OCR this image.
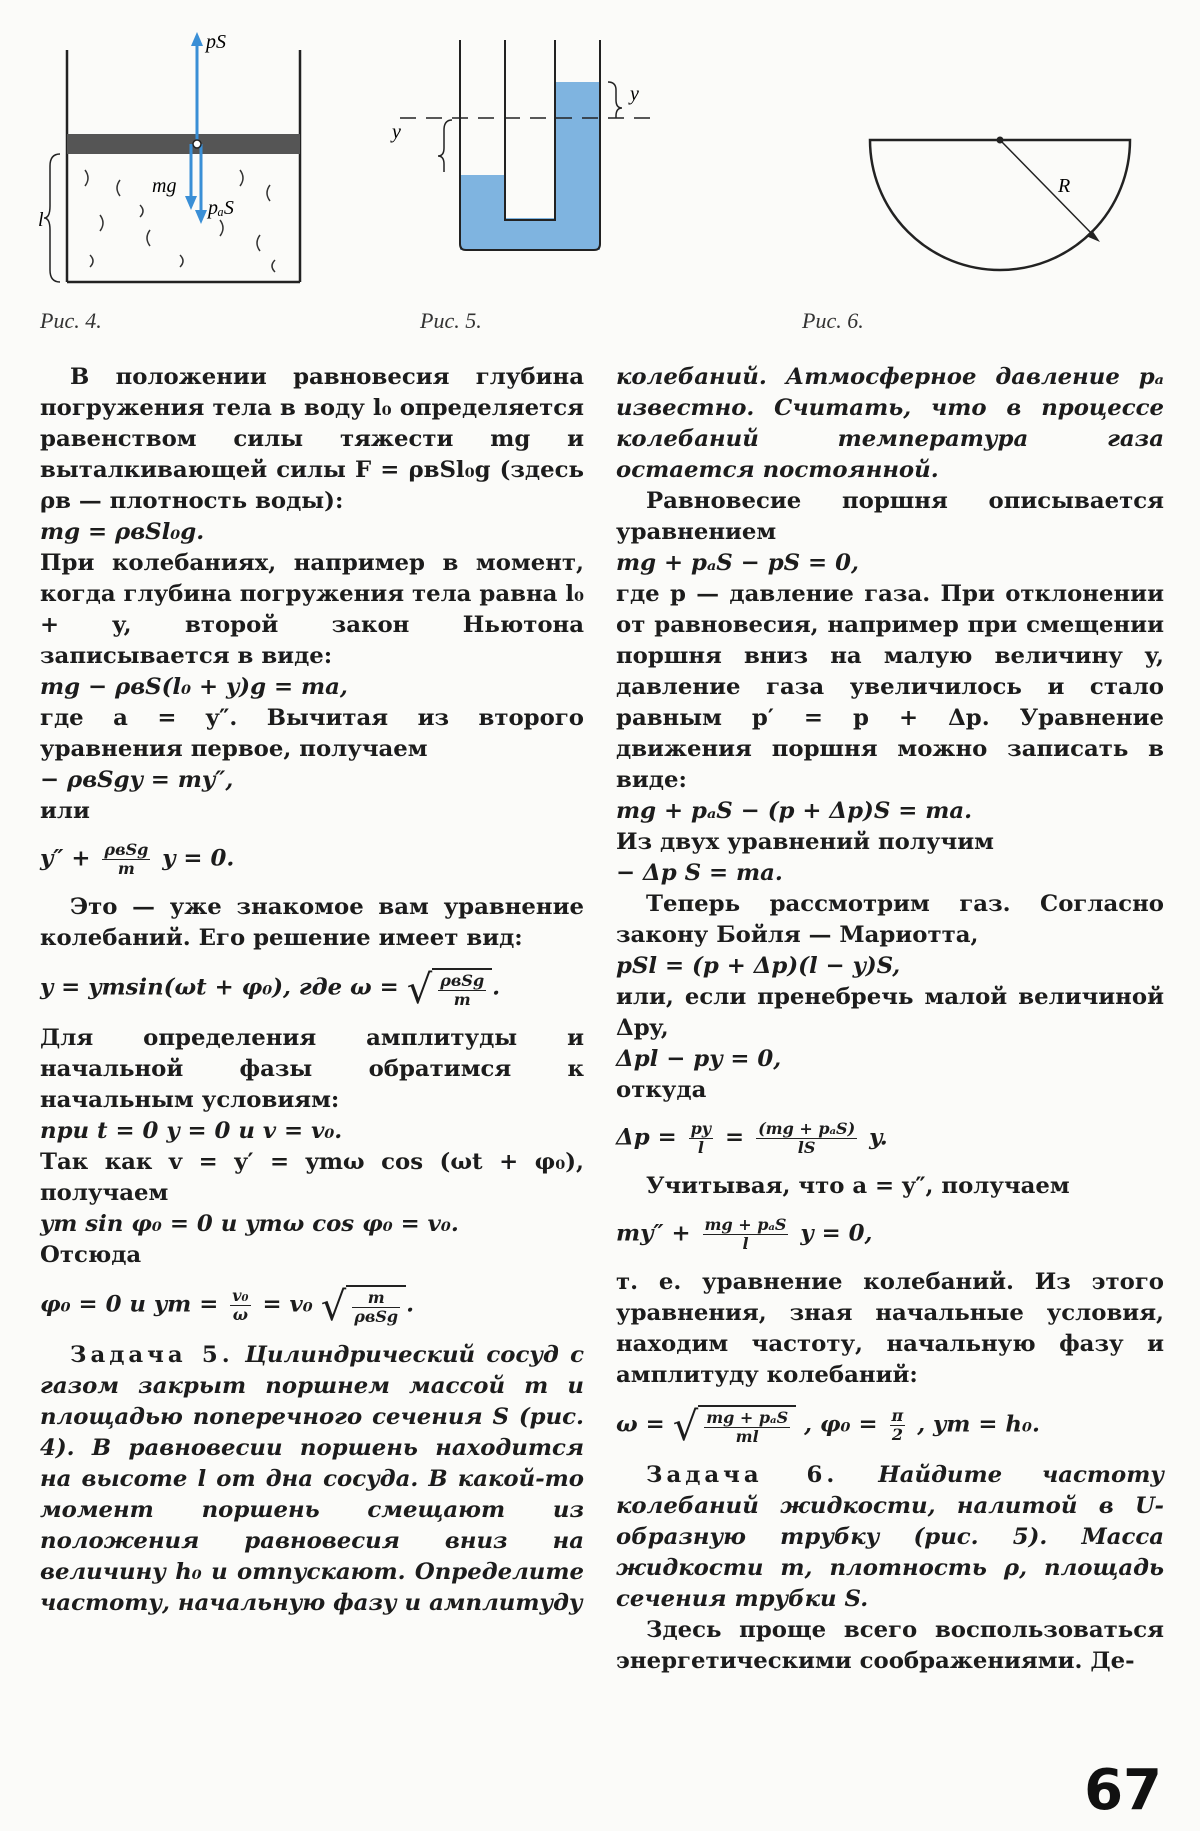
pS
mg
pₐS
l
Рис. 4.
y
y
Рис. 5.
R
Рис. 6.

В положении равновесия глубина погружения тела в воду l₀ определяется равенством силы тяжести mg и выталкивающей силы F = ρвSl₀g (здесь ρв — плотность воды):

mg = ρвSl₀g.

При колебаниях, например в момент, когда глубина погружения тела равна l₀ + y, второй закон Ньютона записывается в виде:

mg − ρвS(l₀ + y)g = ma,

где a = y″. Вычитая из второго уравнения первое, получаем

− ρвSgy = my″,

или

$y'' + \frac{\text{ρвSg}}{m}$ y = 0.

Это — уже знакомое вам уравнение колебаний. Его решение имеет вид:

y = ymsin(ωt + φ₀), где ω = √ $\frac{\text{ρвSg}}{m}$ .

Для определения амплитуды и начальной фазы обратимся к начальным условиям:

при t = 0 y = 0 и v = v₀.

Так как v = y′ = ymω cos (ωt + φ₀), получаем

ym sin φ₀ = 0 и ymω cos φ₀ = v₀.

Отсюда

φ₀ = 0 и ym = $\frac{\text{v₀}}{\omega} = v_0$ √ $\frac{m}{\text{ρвSg}}$ .

Задача 5. Цилиндрический сосуд с газом закрыт поршнем массой m и площадью поперечного сечения S (рис. 4). В равновесии поршень находится на высоте l от дна сосуда. В какой-то момент поршень смещают из положения равновесия вниз на величину h₀ и отпускают. Определите частоту, начальную фазу и амплитуду

колебаний. Атмосферное давление pₐ известно. Считать, что в процессе колебаний температура газа остается постоянной.

Равновесие поршня описывается уравнением

mg + pₐS − pS = 0,

где p — давление газа. При отклонении от равновесия, например при смещении поршня вниз на малую величину y, давление газа увеличилось и стало равным p′ = p + Δp. Уравнение движения поршня можно записать в виде:

mg + pₐS − (p + Δp)S = ma.

Из двух уравнений получим

− Δp S = ma.

Теперь рассмотрим газ. Согласно закону Бойля — Мариотта,

pSl = (p + Δp)(l − y)S,

или, если пренебречь малой величиной Δpy,

Δpl − py = 0,

откуда

$\Delta p = \frac{py}{l} = \frac{\text{(mg + pₐS)}}{lS} y$.

Учитывая, что a = y″, получаем

$my'' + \frac{\text{mg + pₐS}}{l}$ y = 0,

т. е. уравнение колебаний. Из этого уравнения, зная начальные условия, находим частоту, начальную фазу и амплитуду колебаний:

ω = √ $\frac{\text{mg + pₐS}}{ml}$ , $\varphi_0 = \frac{\pi}{2}$ , ym = h₀.

Задача 6. Найдите частоту колебаний жидкости, налитой в U-образную трубку (рис. 5). Масса жидкости m, плотность ρ, площадь сечения трубки S.

Здесь проще всего воспользоваться энергетическими соображениями. Де-

67
